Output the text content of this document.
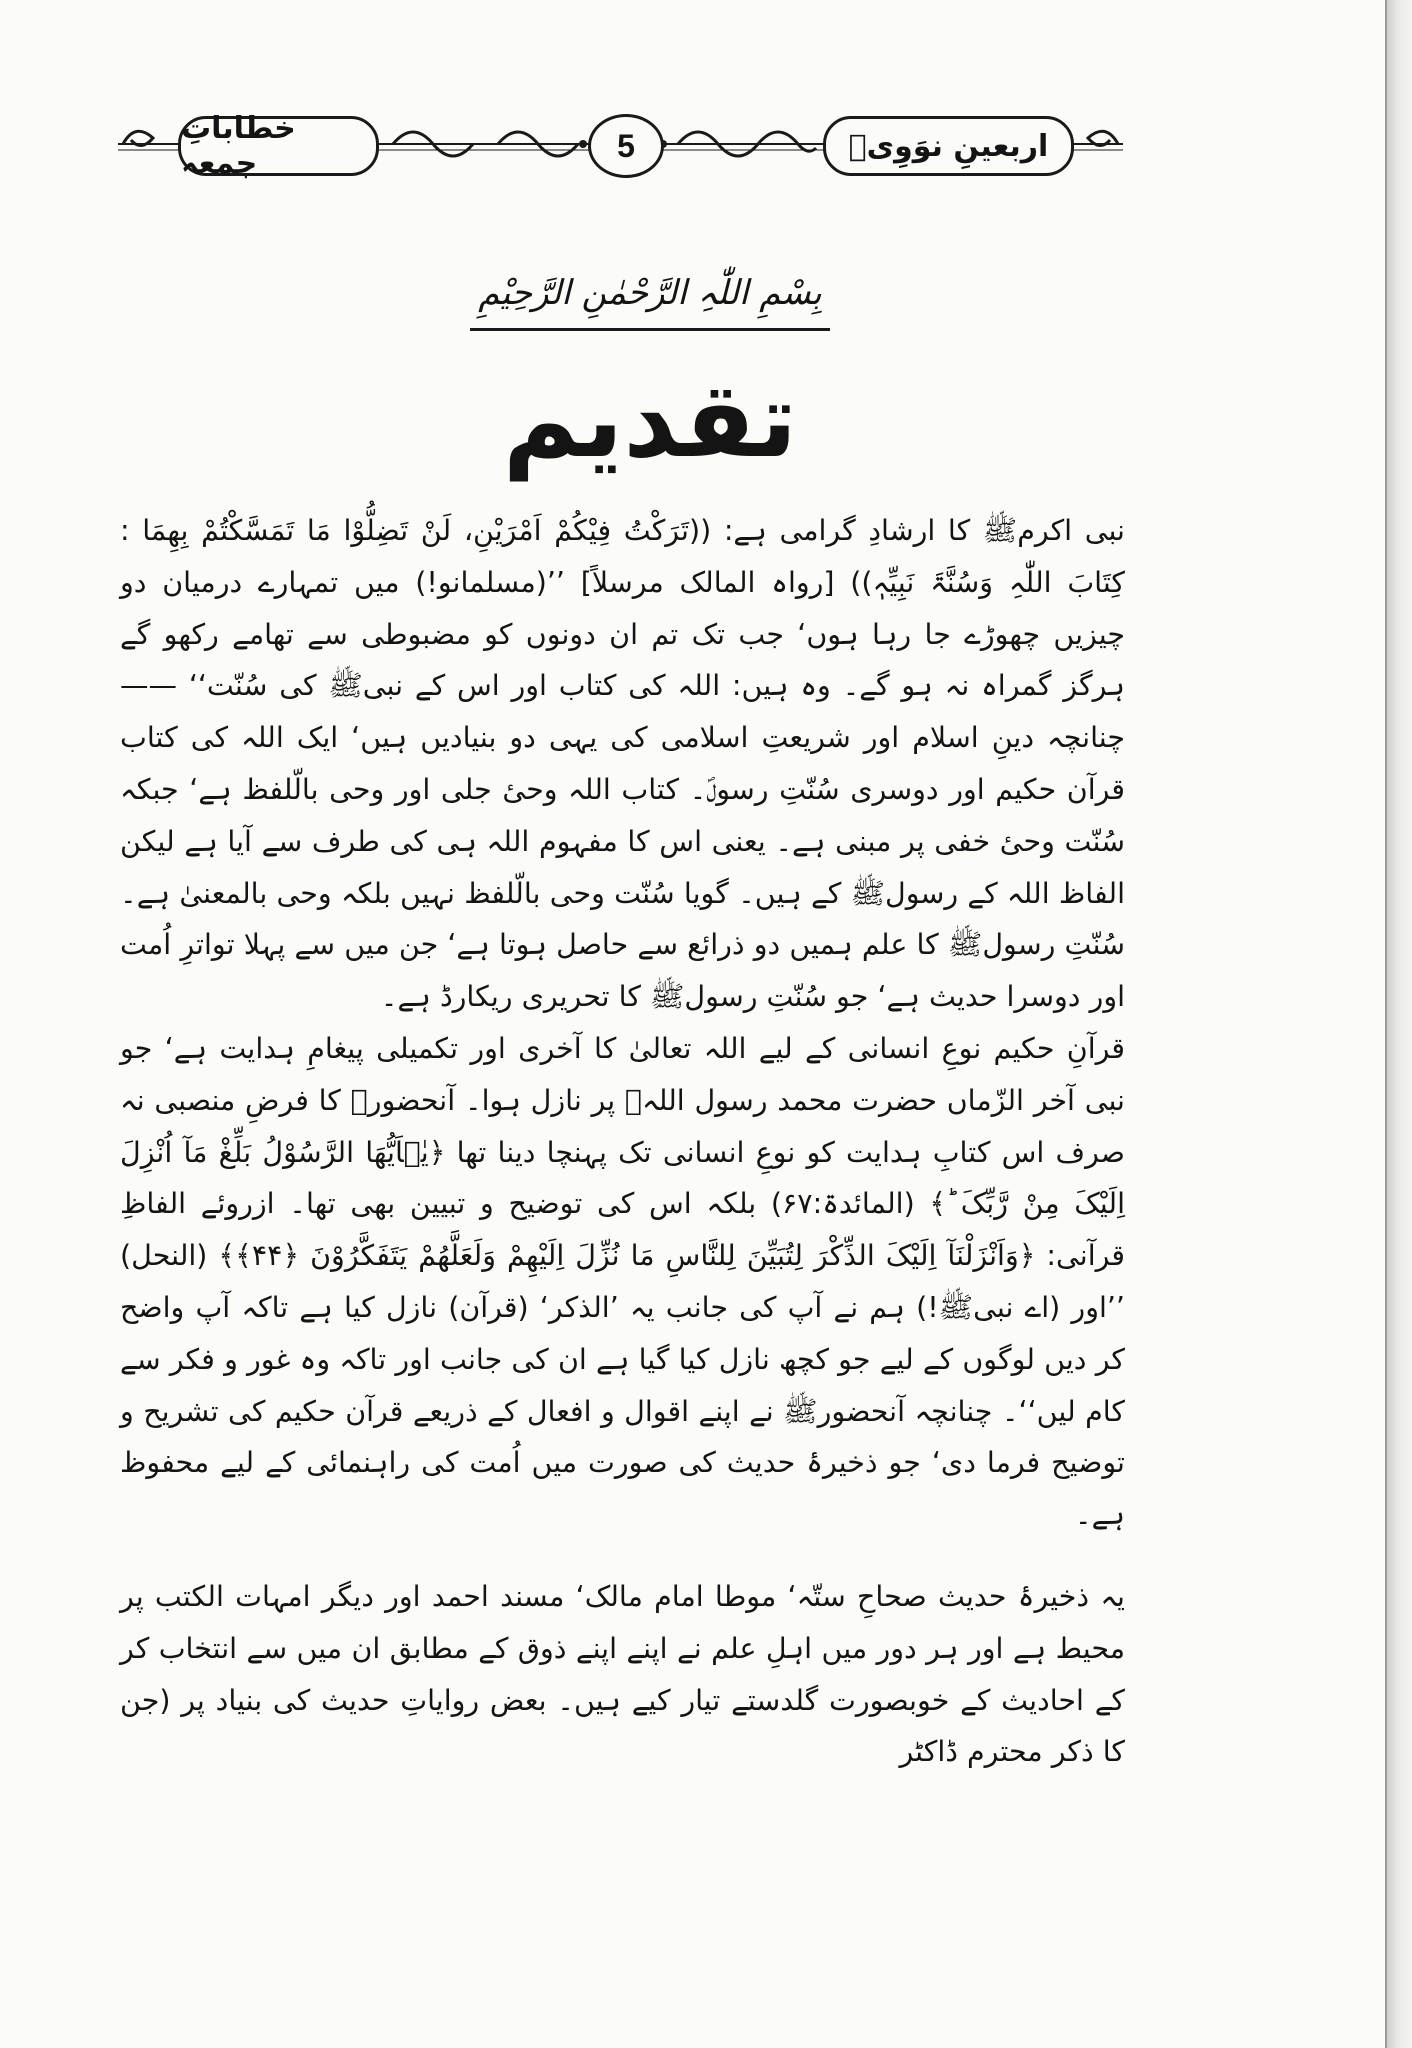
خطاباتِ جمعہ	5	اربعینِ نوَوِیؒ
بِسْمِ اللّٰہِ الرَّحْمٰنِ الرَّحِیْمِ
تقدیم

نبی اکرمﷺ کا ارشادِ گرامی ہے: ((تَرَکْتُ فِیْکُمْ اَمْرَیْنِ، لَنْ تَضِلُّوْا مَا تَمَسَّکْتُمْ بِھِمَا : کِتَابَ اللّٰہِ وَسُنَّۃَ نَبِیِّہٖ)) [رواہ المالک مرسلاً] ’’(مسلمانو!) میں تمہارے درمیان دو چیزیں چھوڑے جا رہا ہوں‘ جب تک تم ان دونوں کو مضبوطی سے تھامے رکھو گے ہرگز گمراہ نہ ہو گے۔ وہ ہیں: اللہ کی کتاب اور اس کے نبیﷺ کی سُنّت‘‘ —— چنانچہ دینِ اسلام اور شریعتِ اسلامی کی یہی دو بنیادیں ہیں‘ ایک اللہ کی کتاب قرآن حکیم اور دوسری سُنّتِ رسولؐ۔ کتاب اللہ وحیٔ جلی اور وحی بالّلفظ ہے‘ جبکہ سُنّت وحیٔ خفی پر مبنی ہے۔ یعنی اس کا مفہوم اللہ ہی کی طرف سے آیا ہے لیکن الفاظ اللہ کے رسولﷺ کے ہیں۔ گویا سُنّت وحی بالّلفظ نہیں بلکہ وحی بالمعنیٰ ہے۔ سُنّتِ رسولﷺ کا علم ہمیں دو ذرائع سے حاصل ہوتا ہے‘ جن میں سے پہلا تواترِ اُمت اور دوسرا حدیث ہے‘ جو سُنّتِ رسولﷺ کا تحریری ریکارڈ ہے۔

قرآنِ حکیم نوعِ انسانی کے لیے اللہ تعالیٰ کا آخری اور تکمیلی پیغامِ ہدایت ہے‘ جو نبی آخر الزّماں حضرت محمد رسول اللہﷺ پر نازل ہوا۔ آنحضورﷺ کا فرضِ منصبی نہ صرف اس کتابِ ہدایت کو نوعِ انسانی تک پہنچا دینا تھا ﴿یٰۤاَیُّھَا الرَّسُوْلُ بَلِّغْ مَآ اُنْزِلَ اِلَیْکَ مِنْ رَّبِّکَ ؕ﴾ (المائدۃ:۶۷) بلکہ اس کی توضیح و تبیین بھی تھا۔ ازروئے الفاظِ قرآنی: ﴿وَاَنْزَلْنَآ اِلَیْکَ الذِّکْرَ لِتُبَیِّنَ لِلنَّاسِ مَا نُزِّلَ اِلَیْھِمْ وَلَعَلَّھُمْ یَتَفَکَّرُوْنَ ﴿۴۴﴾﴾ (النحل) ’’اور (اے نبیﷺ!) ہم نے آپ کی جانب یہ ’الذکر‘ (قرآن) نازل کیا ہے تاکہ آپ واضح کر دیں لوگوں کے لیے جو کچھ نازل کیا گیا ہے ان کی جانب اور تاکہ وہ غور و فکر سے کام لیں‘‘۔ چنانچہ آنحضورﷺ نے اپنے اقوال و افعال کے ذریعے قرآن حکیم کی تشریح و توضیح فرما دی‘ جو ذخیرۂ حدیث کی صورت میں اُمت کی راہنمائی کے لیے محفوظ ہے۔

یہ ذخیرۂ حدیث صحاحِ ستّہ‘ موطا امام مالک‘ مسند احمد اور دیگر امہات الکتب پر محیط ہے اور ہر دور میں اہلِ علم نے اپنے اپنے ذوق کے مطابق ان میں سے انتخاب کر کے احادیث کے خوبصورت گلدستے تیار کیے ہیں۔ بعض روایاتِ حدیث کی بنیاد پر (جن کا ذکر محترم ڈاکٹر
